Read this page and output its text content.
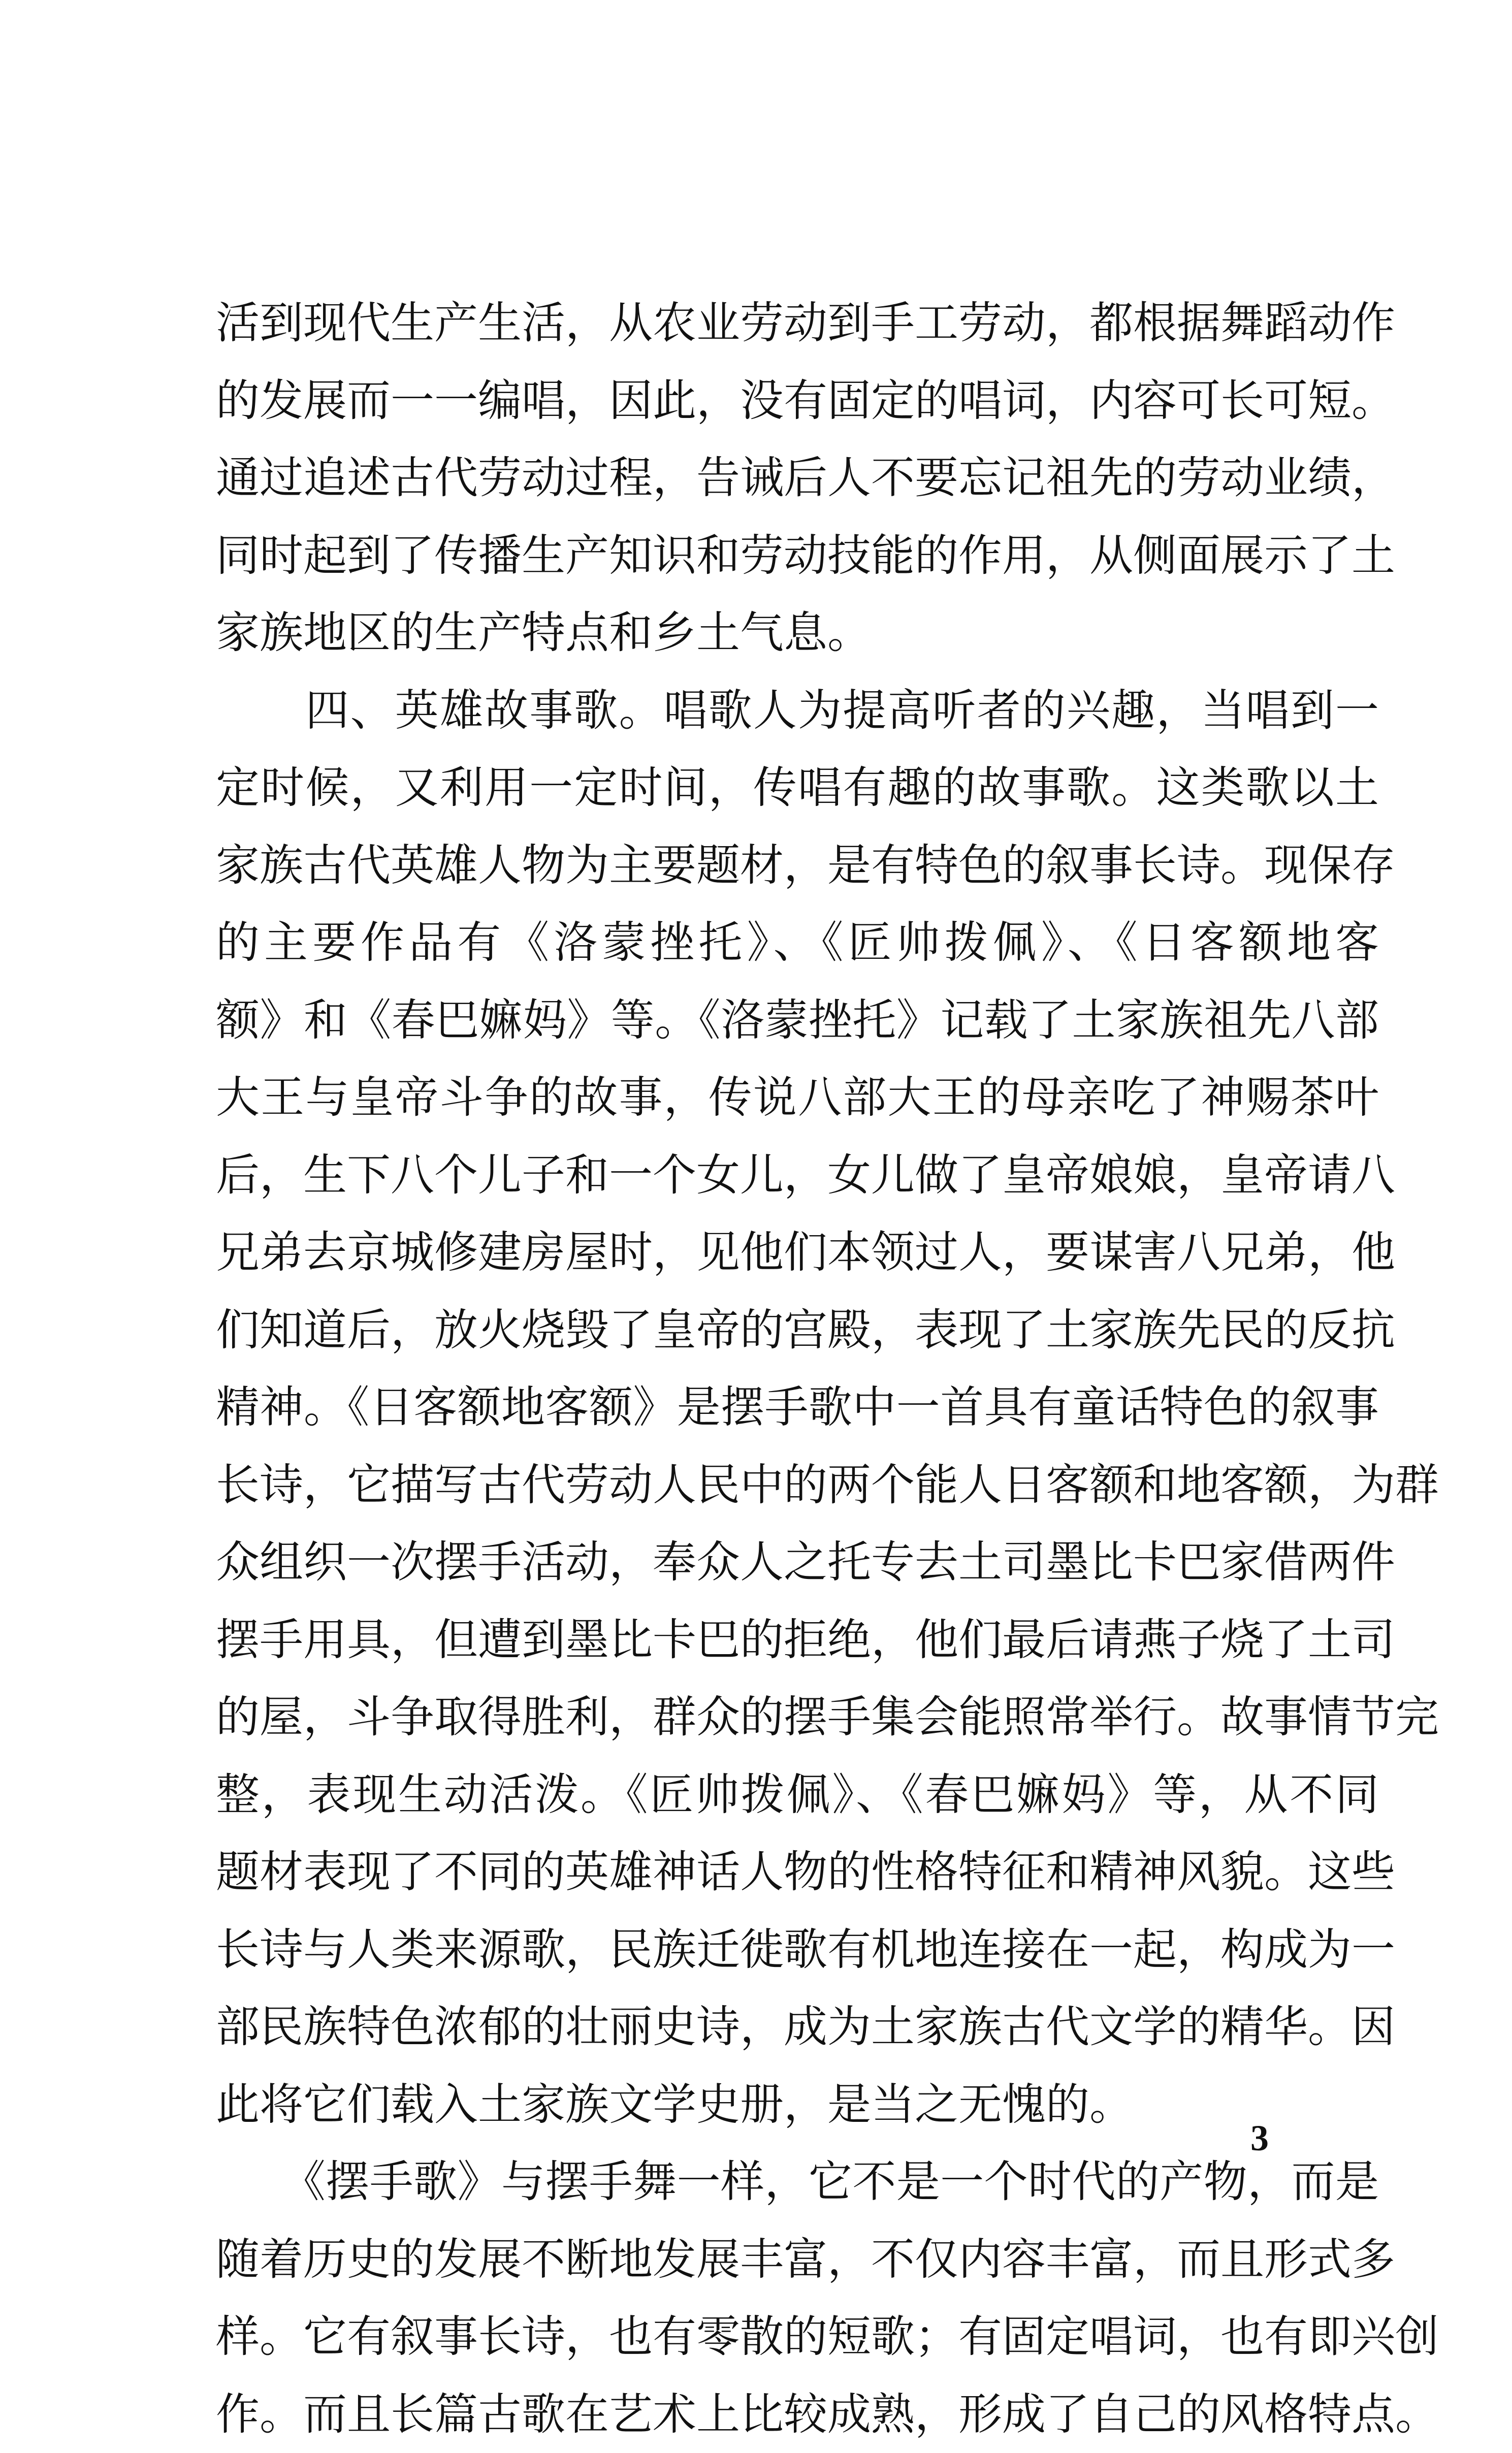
活到现代生产生活，从农业劳动到手工劳动，都根据舞蹈动作
的发展而一一编唱，因此，没有固定的唱词，内容可长可短。
通过追述古代劳动过程，告诫后人不要忘记祖先的劳动业绩，
同时起到了传播生产知识和劳动技能的作用，从侧面展示了土
家族地区的生产特点和乡土气息。
　　四、英雄故事歌。唱歌人为提高听者的兴趣，当唱到一
定时候，又利用一定时间，传唱有趣的故事歌。这类歌以土
家族古代英雄人物为主要题材，是有特色的叙事长诗。现保存
的主要作品有《洛蒙挫托》、《匠帅拨佩》、《日客额地客
额》和《春巴嫲妈》等。《洛蒙挫托》记载了土家族祖先八部
大王与皇帝斗争的故事，传说八部大王的母亲吃了神赐茶叶
后，生下八个儿子和一个女儿，女儿做了皇帝娘娘，皇帝请八
兄弟去京城修建房屋时，见他们本领过人，要谋害八兄弟，他
们知道后，放火烧毁了皇帝的宫殿，表现了土家族先民的反抗
精神。《日客额地客额》是摆手歌中一首具有童话特色的叙事
长诗，它描写古代劳动人民中的两个能人日客额和地客额，为群
众组织一次摆手活动，奉众人之托专去土司墨比卡巴家借两件
摆手用具，但遭到墨比卡巴的拒绝，他们最后请燕子烧了土司
的屋，斗争取得胜利，群众的摆手集会能照常举行。故事情节完
整，表现生动活泼。《匠帅拨佩》、《春巴嫲妈》等，从不同
题材表现了不同的英雄神话人物的性格特征和精神风貌。这些
长诗与人类来源歌，民族迁徙歌有机地连接在一起，构成为一
部民族特色浓郁的壮丽史诗，成为土家族古代文学的精华。因
此将它们载入土家族文学史册，是当之无愧的。
　　《摆手歌》与摆手舞一样，它不是一个时代的产物，而是
随着历史的发展不断地发展丰富，不仅内容丰富，而且形式多
样。它有叙事长诗，也有零散的短歌；有固定唱词，也有即兴创
作。而且长篇古歌在艺术上比较成熟，形成了自己的风格特点。
3
